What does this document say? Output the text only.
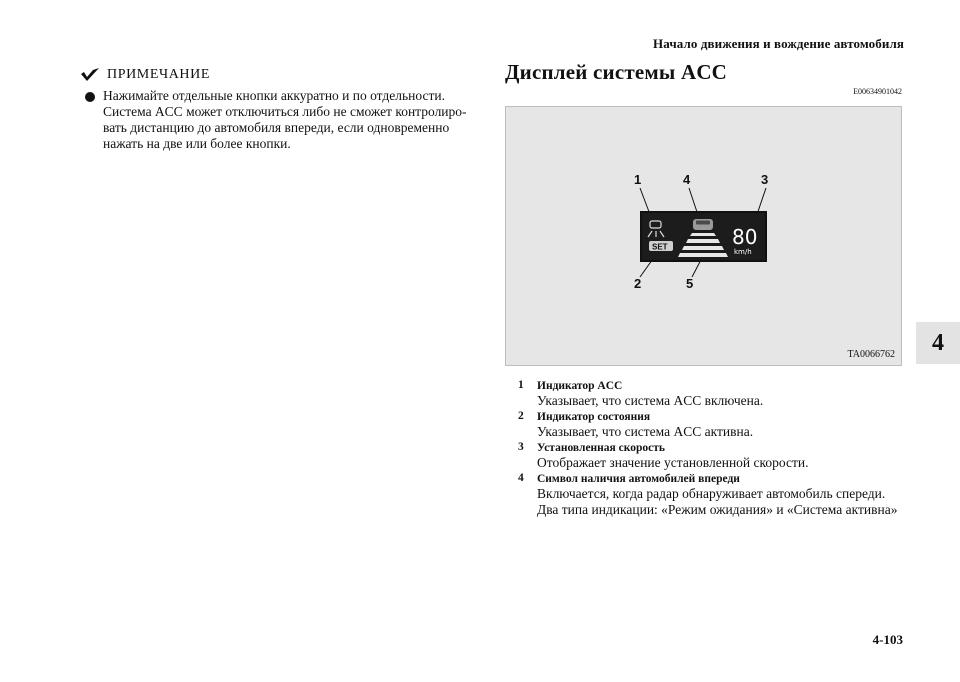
Начало движения и вождение автомобиля
4
4-103
ПРИМЕЧАНИЕ
Нажимайте отдельные кнопки аккуратно и по отдельности.
Система ACC может отключиться либо не сможет контролиро-
вать дистанцию до автомобиля впереди, если одновременно
нажать на две или более кнопки.
Дисплей системы ACC
E00634901042
1	4	3
2	5
SET	80
km/h
TA0066762
1 Индикатор ACC
Указывает, что система ACC включена.
2 Индикатор состояния
Указывает, что система ACC активна.
3 Установленная скорость
Отображает значение установленной скорости.
4 Символ наличия автомобилей впереди
Включается, когда радар обнаруживает автомобиль спереди.
Два типа индикации: «Режим ожидания» и «Система активна»
